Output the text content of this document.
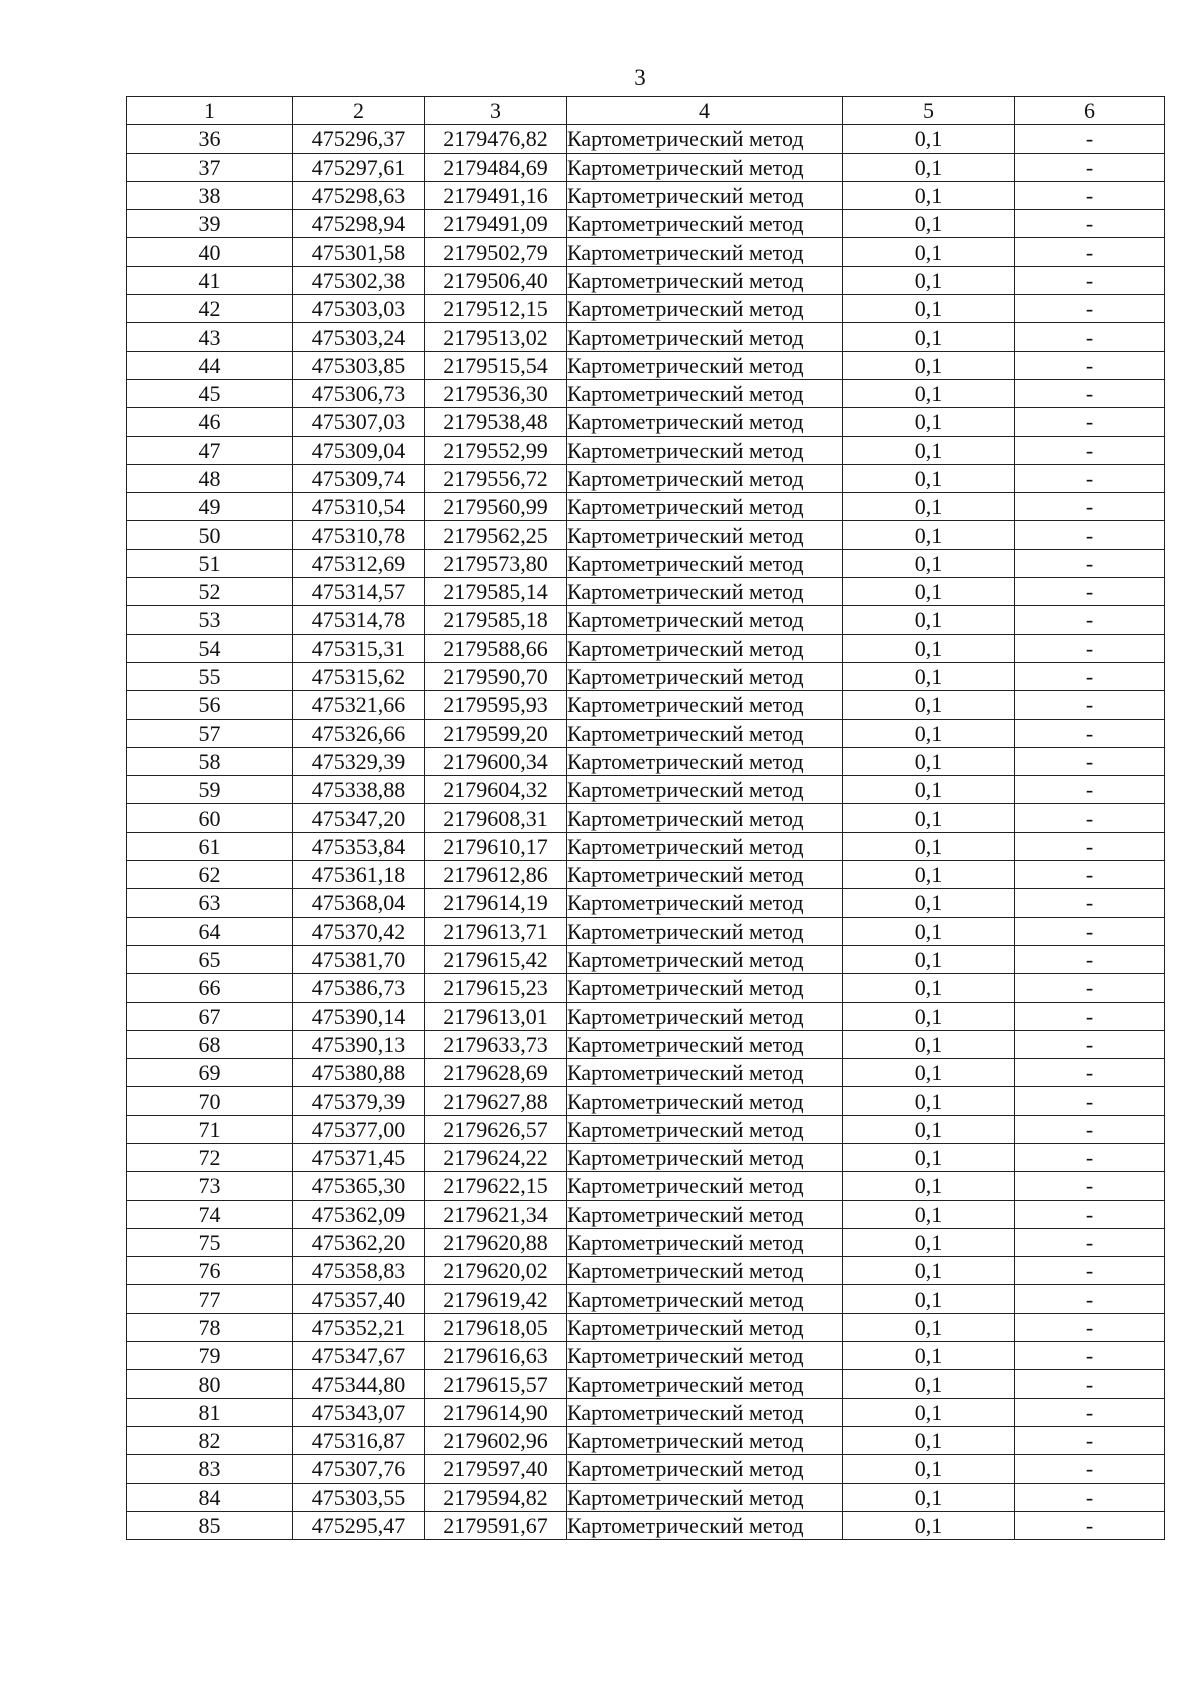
3
1	2	3	4	5	6
36	475296,37	2179476,82	Картометрический метод	0,1	-
37	475297,61	2179484,69	Картометрический метод	0,1	-
38	475298,63	2179491,16	Картометрический метод	0,1	-
39	475298,94	2179491,09	Картометрический метод	0,1	-
40	475301,58	2179502,79	Картометрический метод	0,1	-
41	475302,38	2179506,40	Картометрический метод	0,1	-
42	475303,03	2179512,15	Картометрический метод	0,1	-
43	475303,24	2179513,02	Картометрический метод	0,1	-
44	475303,85	2179515,54	Картометрический метод	0,1	-
45	475306,73	2179536,30	Картометрический метод	0,1	-
46	475307,03	2179538,48	Картометрический метод	0,1	-
47	475309,04	2179552,99	Картометрический метод	0,1	-
48	475309,74	2179556,72	Картометрический метод	0,1	-
49	475310,54	2179560,99	Картометрический метод	0,1	-
50	475310,78	2179562,25	Картометрический метод	0,1	-
51	475312,69	2179573,80	Картометрический метод	0,1	-
52	475314,57	2179585,14	Картометрический метод	0,1	-
53	475314,78	2179585,18	Картометрический метод	0,1	-
54	475315,31	2179588,66	Картометрический метод	0,1	-
55	475315,62	2179590,70	Картометрический метод	0,1	-
56	475321,66	2179595,93	Картометрический метод	0,1	-
57	475326,66	2179599,20	Картометрический метод	0,1	-
58	475329,39	2179600,34	Картометрический метод	0,1	-
59	475338,88	2179604,32	Картометрический метод	0,1	-
60	475347,20	2179608,31	Картометрический метод	0,1	-
61	475353,84	2179610,17	Картометрический метод	0,1	-
62	475361,18	2179612,86	Картометрический метод	0,1	-
63	475368,04	2179614,19	Картометрический метод	0,1	-
64	475370,42	2179613,71	Картометрический метод	0,1	-
65	475381,70	2179615,42	Картометрический метод	0,1	-
66	475386,73	2179615,23	Картометрический метод	0,1	-
67	475390,14	2179613,01	Картометрический метод	0,1	-
68	475390,13	2179633,73	Картометрический метод	0,1	-
69	475380,88	2179628,69	Картометрический метод	0,1	-
70	475379,39	2179627,88	Картометрический метод	0,1	-
71	475377,00	2179626,57	Картометрический метод	0,1	-
72	475371,45	2179624,22	Картометрический метод	0,1	-
73	475365,30	2179622,15	Картометрический метод	0,1	-
74	475362,09	2179621,34	Картометрический метод	0,1	-
75	475362,20	2179620,88	Картометрический метод	0,1	-
76	475358,83	2179620,02	Картометрический метод	0,1	-
77	475357,40	2179619,42	Картометрический метод	0,1	-
78	475352,21	2179618,05	Картометрический метод	0,1	-
79	475347,67	2179616,63	Картометрический метод	0,1	-
80	475344,80	2179615,57	Картометрический метод	0,1	-
81	475343,07	2179614,90	Картометрический метод	0,1	-
82	475316,87	2179602,96	Картометрический метод	0,1	-
83	475307,76	2179597,40	Картометрический метод	0,1	-
84	475303,55	2179594,82	Картометрический метод	0,1	-
85	475295,47	2179591,67	Картометрический метод	0,1	-
